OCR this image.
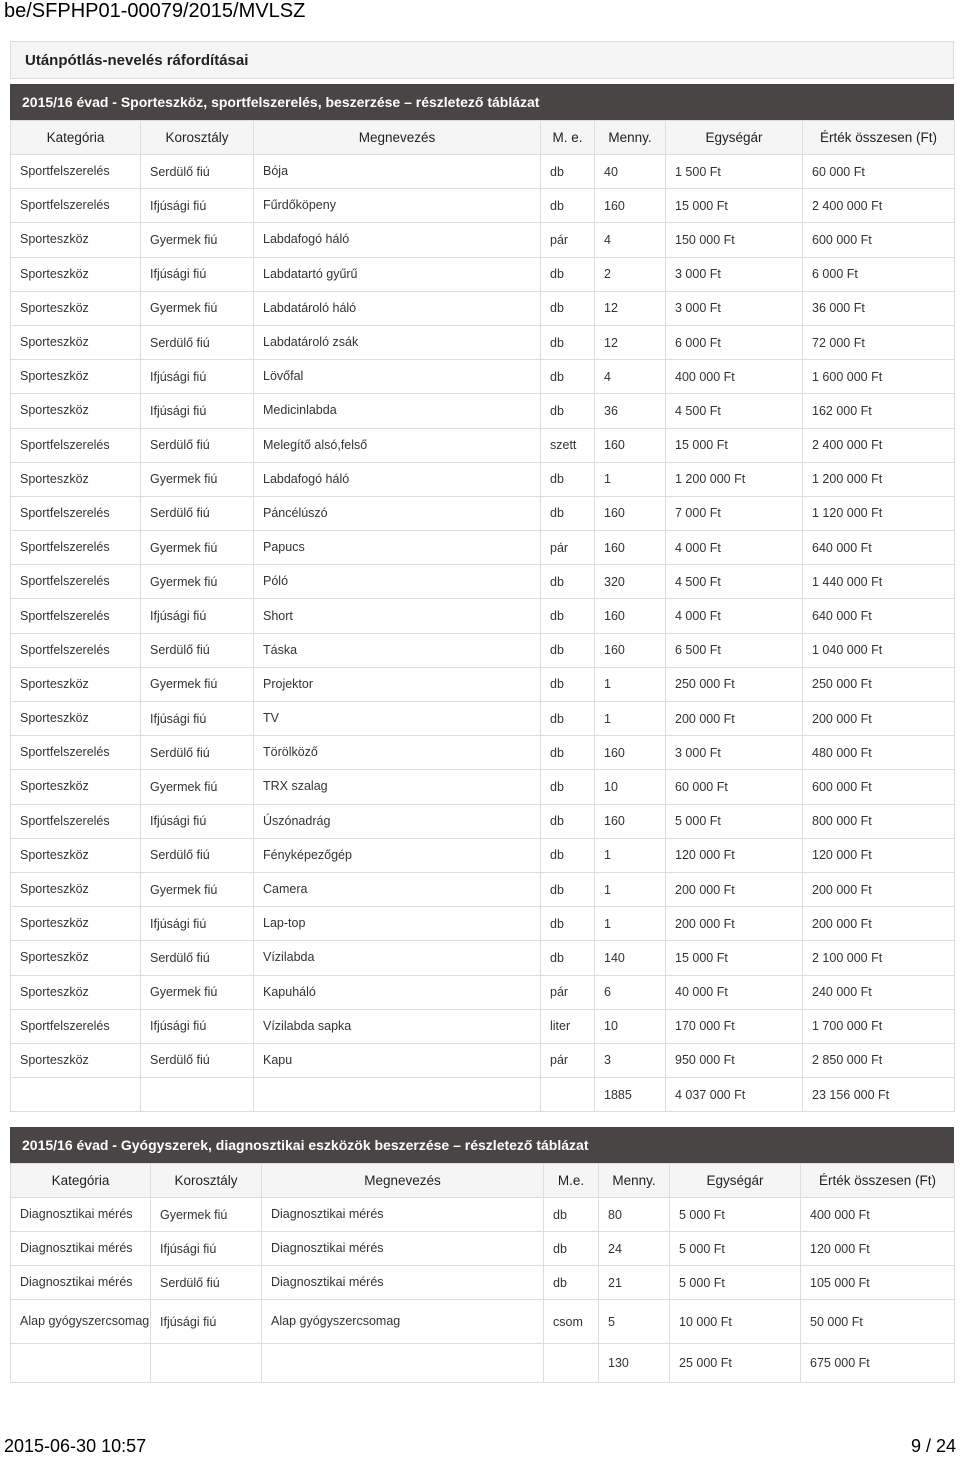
be/SFPHP01-00079/2015/MVLSZ
Utánpótlás-nevelés ráfordításai
2015/16 évad - Sporteszköz, sportfelszerelés, beszerzése – részletező táblázat
Kategória	Korosztály	Megnevezés	M. e.	Menny.	Egységár	Érték összesen (Ft)
Sportfelszerelés	Serdülő fiú	Bója	db	40	1 500 Ft	60 000 Ft
Sportfelszerelés	Ifjúsági fiú	Fűrdőköpeny	db	160	15 000 Ft	2 400 000 Ft
Sporteszköz	Gyermek fiú	Labdafogó háló	pár	4	150 000 Ft	600 000 Ft
Sporteszköz	Ifjúsági fiú	Labdatartó gyűrű	db	2	3 000 Ft	6 000 Ft
Sporteszköz	Gyermek fiú	Labdatároló háló	db	12	3 000 Ft	36 000 Ft
Sporteszköz	Serdülő fiú	Labdatároló zsák	db	12	6 000 Ft	72 000 Ft
Sporteszköz	Ifjúsági fiú	Lövőfal	db	4	400 000 Ft	1 600 000 Ft
Sporteszköz	Ifjúsági fiú	Medicinlabda	db	36	4 500 Ft	162 000 Ft
Sportfelszerelés	Serdülő fiú	Melegítő alsó,felső	szett	160	15 000 Ft	2 400 000 Ft
Sporteszköz	Gyermek fiú	Labdafogó háló	db	1	1 200 000 Ft	1 200 000 Ft
Sportfelszerelés	Serdülő fiú	Páncélúszó	db	160	7 000 Ft	1 120 000 Ft
Sportfelszerelés	Gyermek fiú	Papucs	pár	160	4 000 Ft	640 000 Ft
Sportfelszerelés	Gyermek fiú	Póló	db	320	4 500 Ft	1 440 000 Ft
Sportfelszerelés	Ifjúsági fiú	Short	db	160	4 000 Ft	640 000 Ft
Sportfelszerelés	Serdülő fiú	Táska	db	160	6 500 Ft	1 040 000 Ft
Sporteszköz	Gyermek fiú	Projektor	db	1	250 000 Ft	250 000 Ft
Sporteszköz	Ifjúsági fiú	TV	db	1	200 000 Ft	200 000 Ft
Sportfelszerelés	Serdülő fiú	Törölköző	db	160	3 000 Ft	480 000 Ft
Sporteszköz	Gyermek fiú	TRX szalag	db	10	60 000 Ft	600 000 Ft
Sportfelszerelés	Ifjúsági fiú	Úszónadrág	db	160	5 000 Ft	800 000 Ft
Sporteszköz	Serdülő fiú	Fényképezőgép	db	1	120 000 Ft	120 000 Ft
Sporteszköz	Gyermek fiú	Camera	db	1	200 000 Ft	200 000 Ft
Sporteszköz	Ifjúsági fiú	Lap-top	db	1	200 000 Ft	200 000 Ft
Sporteszköz	Serdülő fiú	Vízilabda	db	140	15 000 Ft	2 100 000 Ft
Sporteszköz	Gyermek fiú	Kapuháló	pár	6	40 000 Ft	240 000 Ft
Sportfelszerelés	Ifjúsági fiú	Vízilabda sapka	liter	10	170 000 Ft	1 700 000 Ft
Sporteszköz	Serdülő fiú	Kapu	pár	3	950 000 Ft	2 850 000 Ft
				1885	4 037 000 Ft	23 156 000 Ft
2015/16 évad - Gyógyszerek, diagnosztikai eszközök beszerzése – részletező táblázat
Kategória	Korosztály	Megnevezés	M.e.	Menny.	Egységár	Érték összesen (Ft)
Diagnosztikai mérés	Gyermek fiú	Diagnosztikai mérés	db	80	5 000 Ft	400 000 Ft
Diagnosztikai mérés	Ifjúsági fiú	Diagnosztikai mérés	db	24	5 000 Ft	120 000 Ft
Diagnosztikai mérés	Serdülő fiú	Diagnosztikai mérés	db	21	5 000 Ft	105 000 Ft
Alap gyógyszercsomag	Ifjúsági fiú	Alap gyógyszercsomag	csom	5	10 000 Ft	50 000 Ft
				130	25 000 Ft	675 000 Ft
2015-06-30 10:57	9 / 24
